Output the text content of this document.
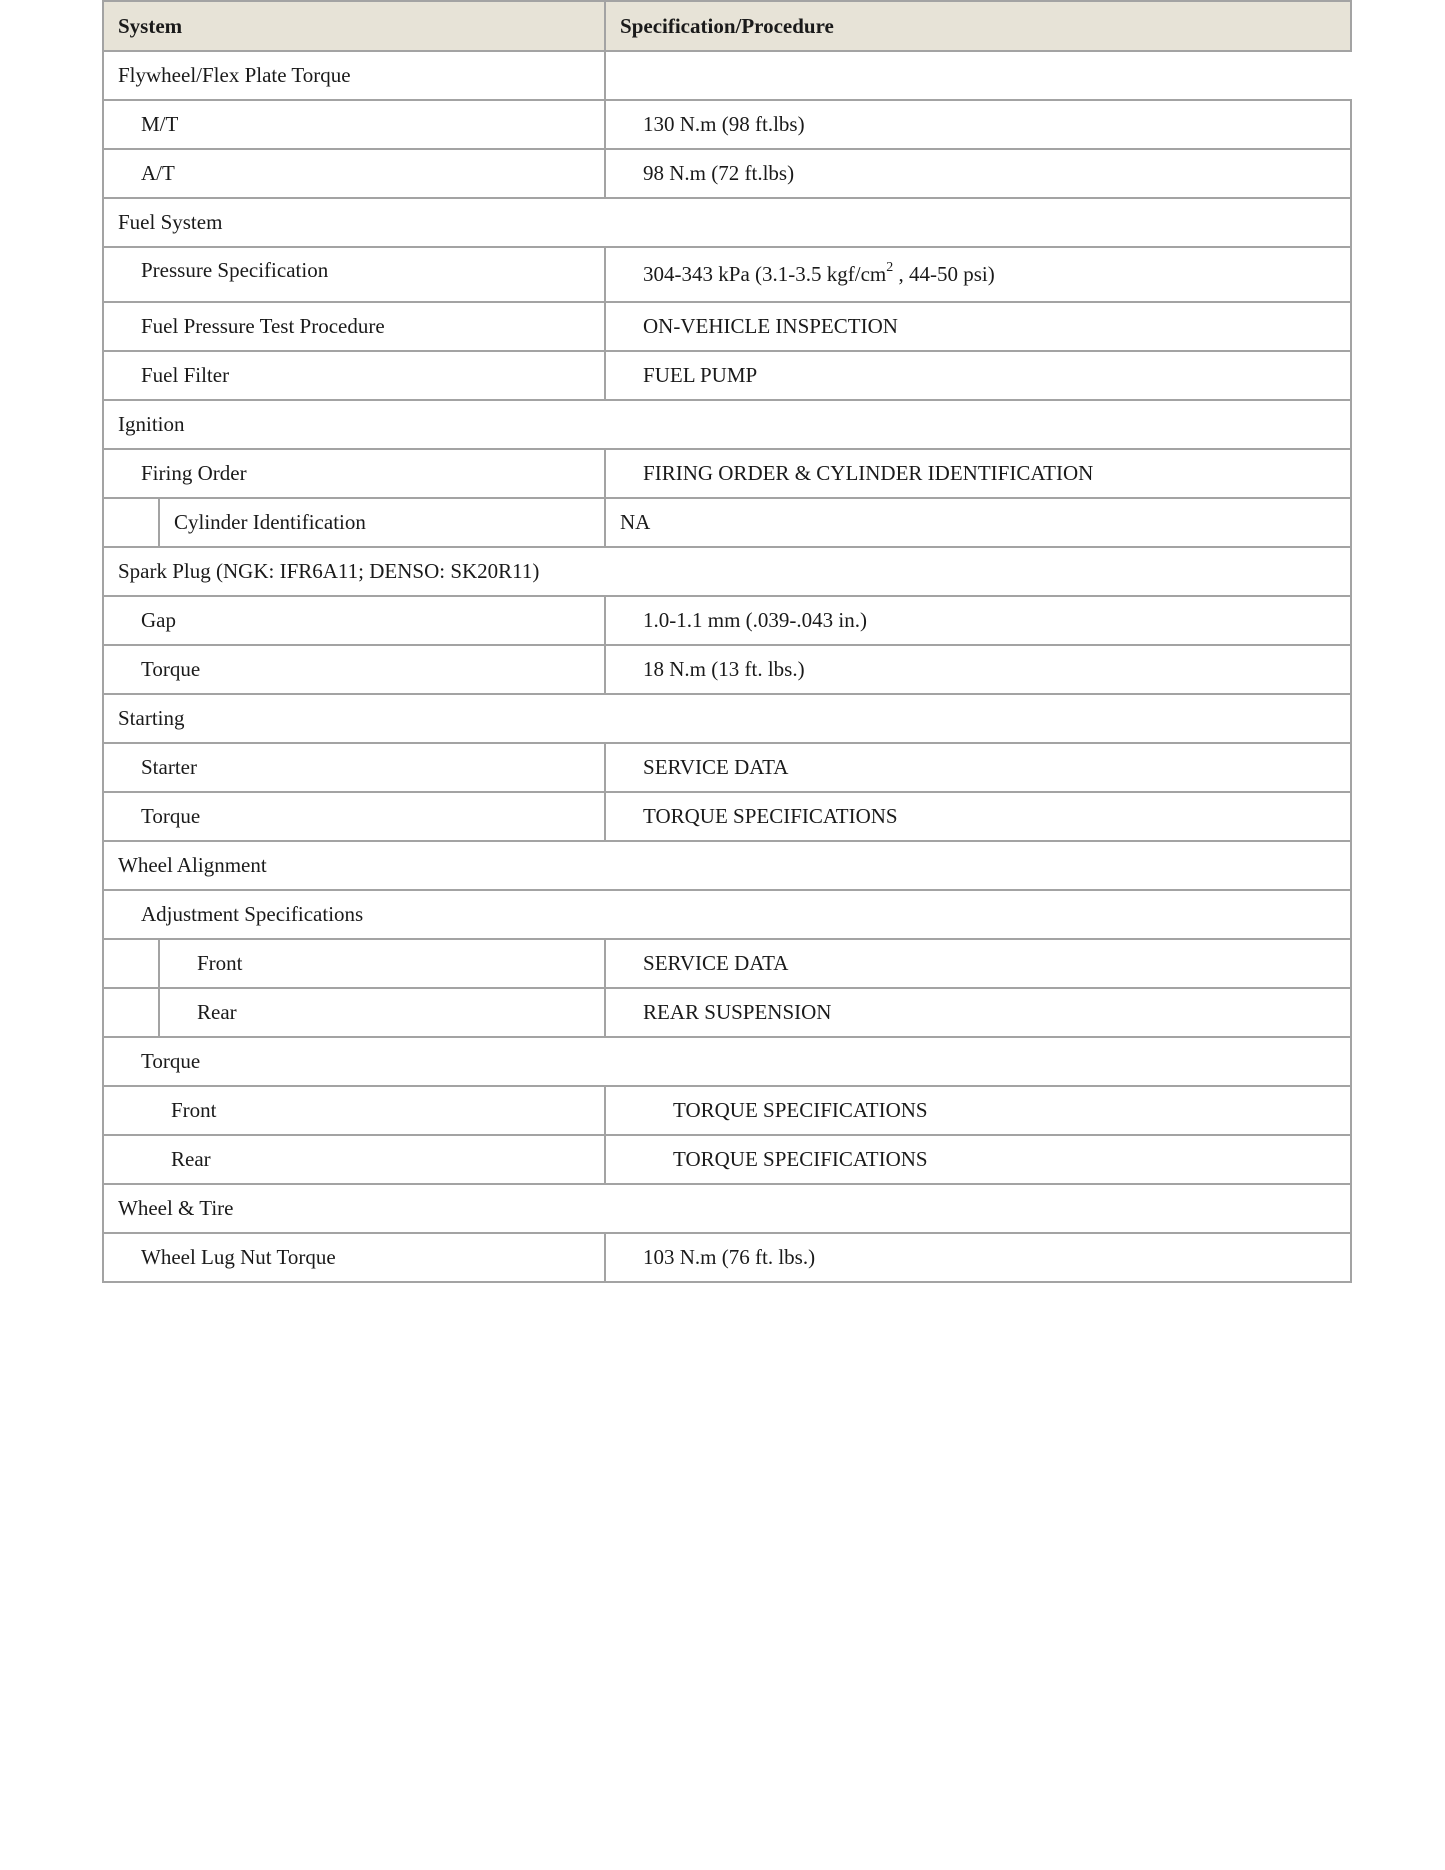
System		Specification/Procedure
Flywheel/Flex Plate Torque		
M/T		130 N.m (98 ft.lbs)
A/T		98 N.m (72 ft.lbs)
Fuel System		
Pressure Specification		304-343 kPa (3.1-3.5 kgf/$cm^2$ , 44-50 psi)
Fuel Pressure Test Procedure		ON-VEHICLE INSPECTION
Fuel Filter		FUEL PUMP
Ignition		
Firing Order		FIRING ORDER & CYLINDER IDENTIFICATION
	Cylinder Identification	NA
Spark Plug (NGK: IFR6A11; DENSO: SK20R11)		
Gap		1.0-1.1 mm (.039-.043 in.)
Torque		18 N.m (13 ft. lbs.)
Starting		
Starter		SERVICE DATA
Torque		TORQUE SPECIFICATIONS
Wheel Alignment		
Adjustment Specifications		
	Front	SERVICE DATA
	Rear	REAR SUSPENSION
Torque		
Front		TORQUE SPECIFICATIONS
Rear		TORQUE SPECIFICATIONS
Wheel & Tire		
Wheel Lug Nut Torque		103 N.m (76 ft. lbs.)
